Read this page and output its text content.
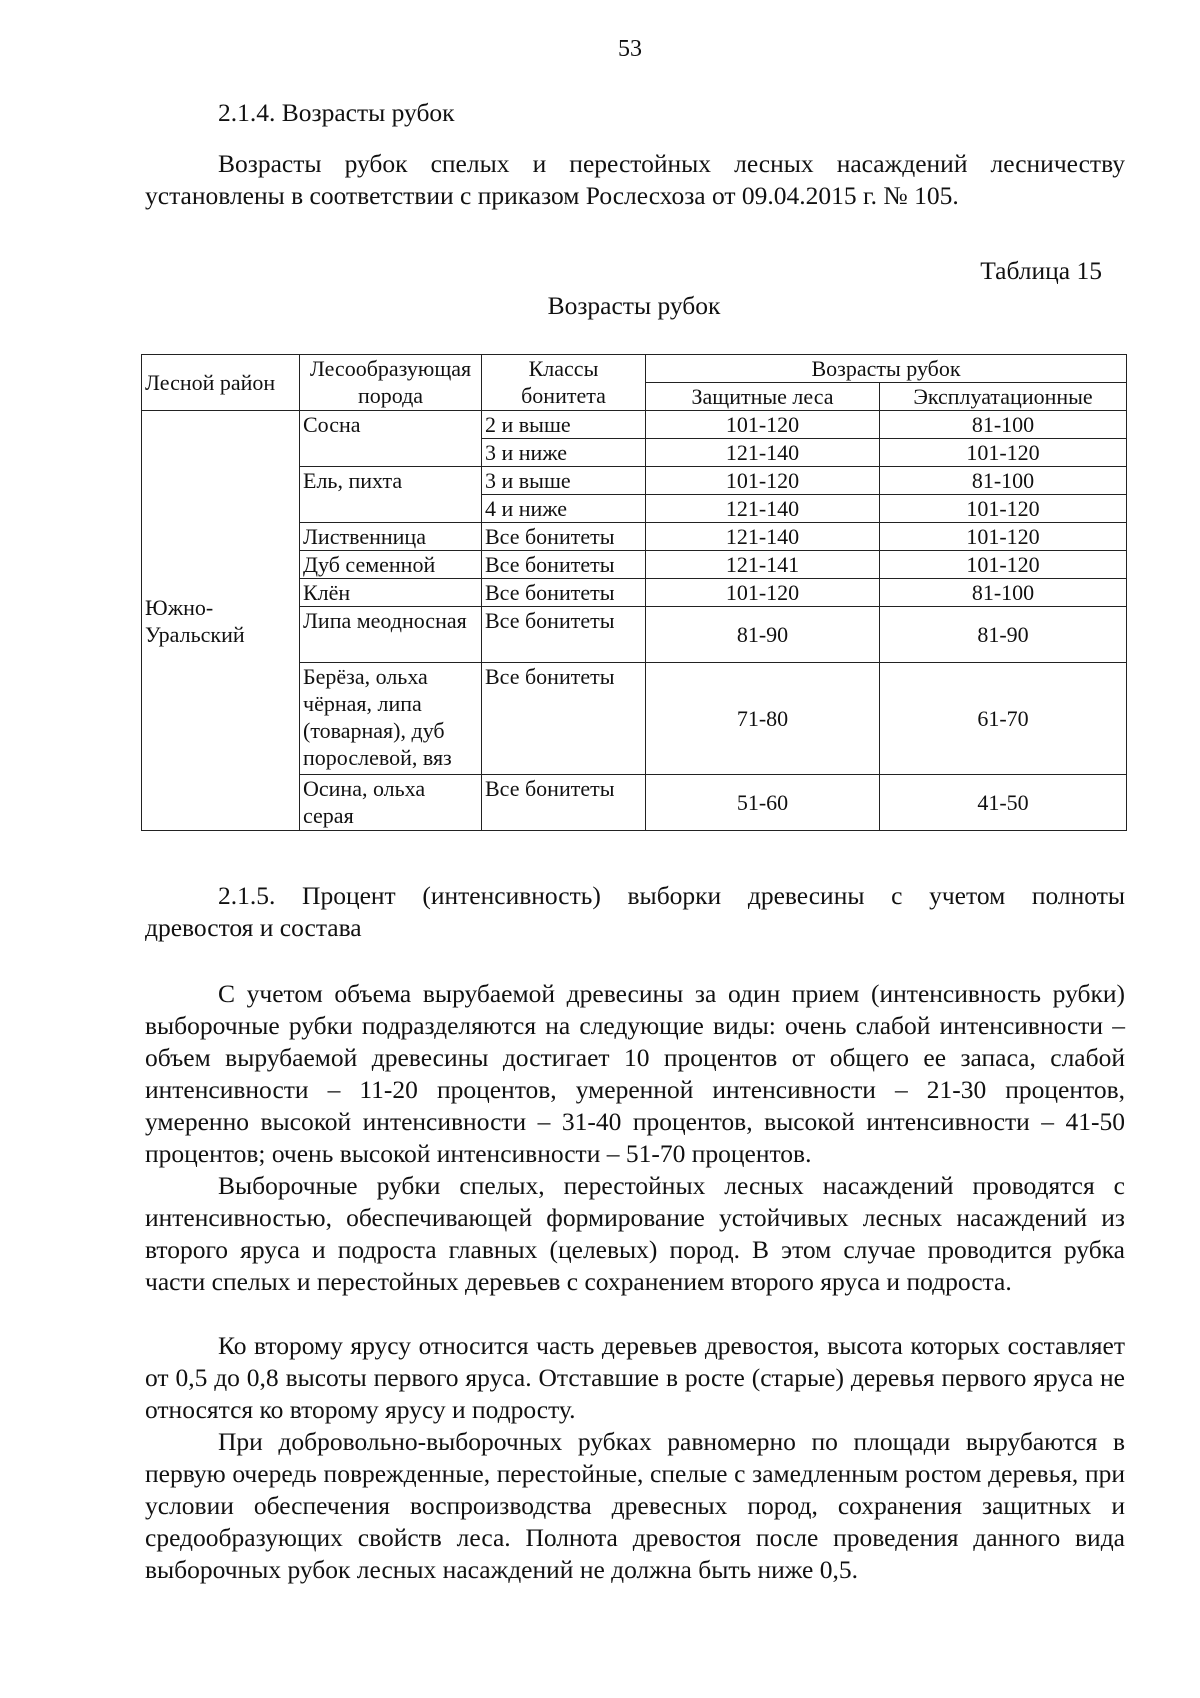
53
2.1.4. Возрасты рубок

Возрасты рубок спелых и перестойных лесных насаждений лесничеству установлены в соответствии с приказом Рослесхоза от 09.04.2015 г. № 105.

Таблица 15
Возрасты рубок
Лесной район	Лесообразующая порода	Классы бонитета	Возрасты рубок	
			Защитные леса	Эксплуатационные
Южно-Уральский	Сосна	2 и выше	101-120	81-100
		3 и ниже	121-140	101-120
	Ель, пихта	3 и выше	101-120	81-100
		4 и ниже	121-140	101-120
	Лиственница	Все бонитеты	121-140	101-120
	Дуб семенной	Все бонитеты	121-141	101-120
	Клён	Все бонитеты	101-120	81-100
	Липа меодносная	Все бонитеты	81-90	81-90
	Берёза, ольха чёрная, липа (товарная), дуб порослевой, вяз	Все бонитеты	71-80	61-70
	Осина, ольха серая	Все бонитеты	51-60	41-50
2.1.5. Процент (интенсивность) выборки древесины с учетом полноты
древостоя и состава

С учетом объема вырубаемой древесины за один прием (интенсивность рубки) выборочные рубки подразделяются на следующие виды: очень слабой интенсивности – объем вырубаемой древесины достигает 10 процентов от общего ее запаса, слабой интенсивности – 11-20 процентов, умеренной интенсивности – 21-30 процентов, умеренно высокой интенсивности – 31-40 процентов, высокой интенсивности – 41-50 процентов; очень высокой интенсивности – 51-70 процентов.

Выборочные рубки спелых, перестойных лесных насаждений проводятся с интенсивностью, обеспечивающей формирование устойчивых лесных насаждений из второго яруса и подроста главных (целевых) пород. В этом случае проводится рубка части спелых и перестойных деревьев с сохранением второго яруса и подроста.

Ко второму ярусу относится часть деревьев древостоя, высота которых составляет от 0,5 до 0,8 высоты первого яруса. Отставшие в росте (старые) деревья первого яруса не относятся ко второму ярусу и подросту.

При добровольно-выборочных рубках равномерно по площади вырубаются в первую очередь поврежденные, перестойные, спелые с замедленным ростом деревья, при условии обеспечения воспроизводства древесных пород, сохранения защитных и средообразующих свойств леса. Полнота древостоя после проведения данного вида выборочных рубок лесных насаждений не должна быть ниже 0,5.
